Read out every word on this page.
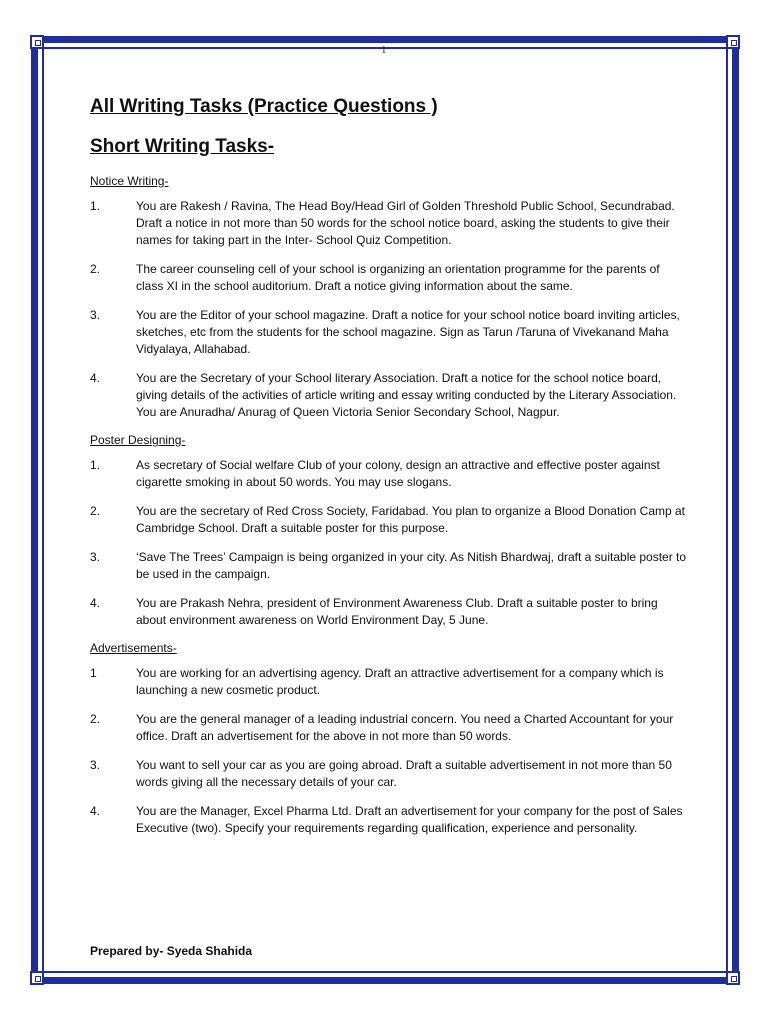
1
All Writing Tasks (Practice Questions )
Short Writing Tasks-
Notice Writing-
1.	You are Rakesh / Ravina, The Head Boy/Head Girl of Golden Threshold Public School, Secundrabad. Draft a notice in not more than 50 words for the school notice board, asking the students to give their names for taking part in the Inter- School Quiz Competition.
2.	The career counseling cell of your school is organizing an orientation programme for the parents of class XI in the school auditorium. Draft a notice giving information about the same.
3.	You are the Editor of your school magazine. Draft a notice for your school notice board inviting articles, sketches, etc from the students for the school magazine. Sign as Tarun /Taruna of Vivekanand Maha Vidyalaya, Allahabad.
4.	You are the Secretary of your School literary Association. Draft a notice for the school notice board, giving details of the activities of article writing and essay writing conducted by the Literary Association. You are Anuradha/ Anurag of Queen Victoria Senior Secondary School, Nagpur.
Poster Designing-
1.	As secretary of Social welfare Club of your colony, design an attractive and effective poster against cigarette smoking in about 50 words. You may use slogans.
2.	You are the secretary of Red Cross Society, Faridabad. You plan to organize a Blood Donation Camp at Cambridge School. Draft a suitable poster for this purpose.
3.	‘Save The Trees’ Campaign is being organized in your city. As Nitish Bhardwaj, draft a suitable poster to be used in the campaign.
4.	You are Prakash Nehra, president of Environment Awareness Club. Draft a suitable poster to bring about environment awareness on World Environment Day, 5 June.
Advertisements-
1	You are working for an advertising agency. Draft an attractive advertisement for a company which is launching a new cosmetic product.
2.	You are the general manager of a leading industrial concern. You need a Charted Accountant for your office. Draft an advertisement for the above in not more than 50 words.
3.	You want to sell your car as you are going abroad. Draft a suitable advertisement in not more than 50 words giving all the necessary details of your car.
4.	You are the Manager, Excel Pharma Ltd. Draft an advertisement for your company for the post of Sales Executive (two). Specify your requirements regarding qualification, experience and personality.
Prepared by- Syeda Shahida
